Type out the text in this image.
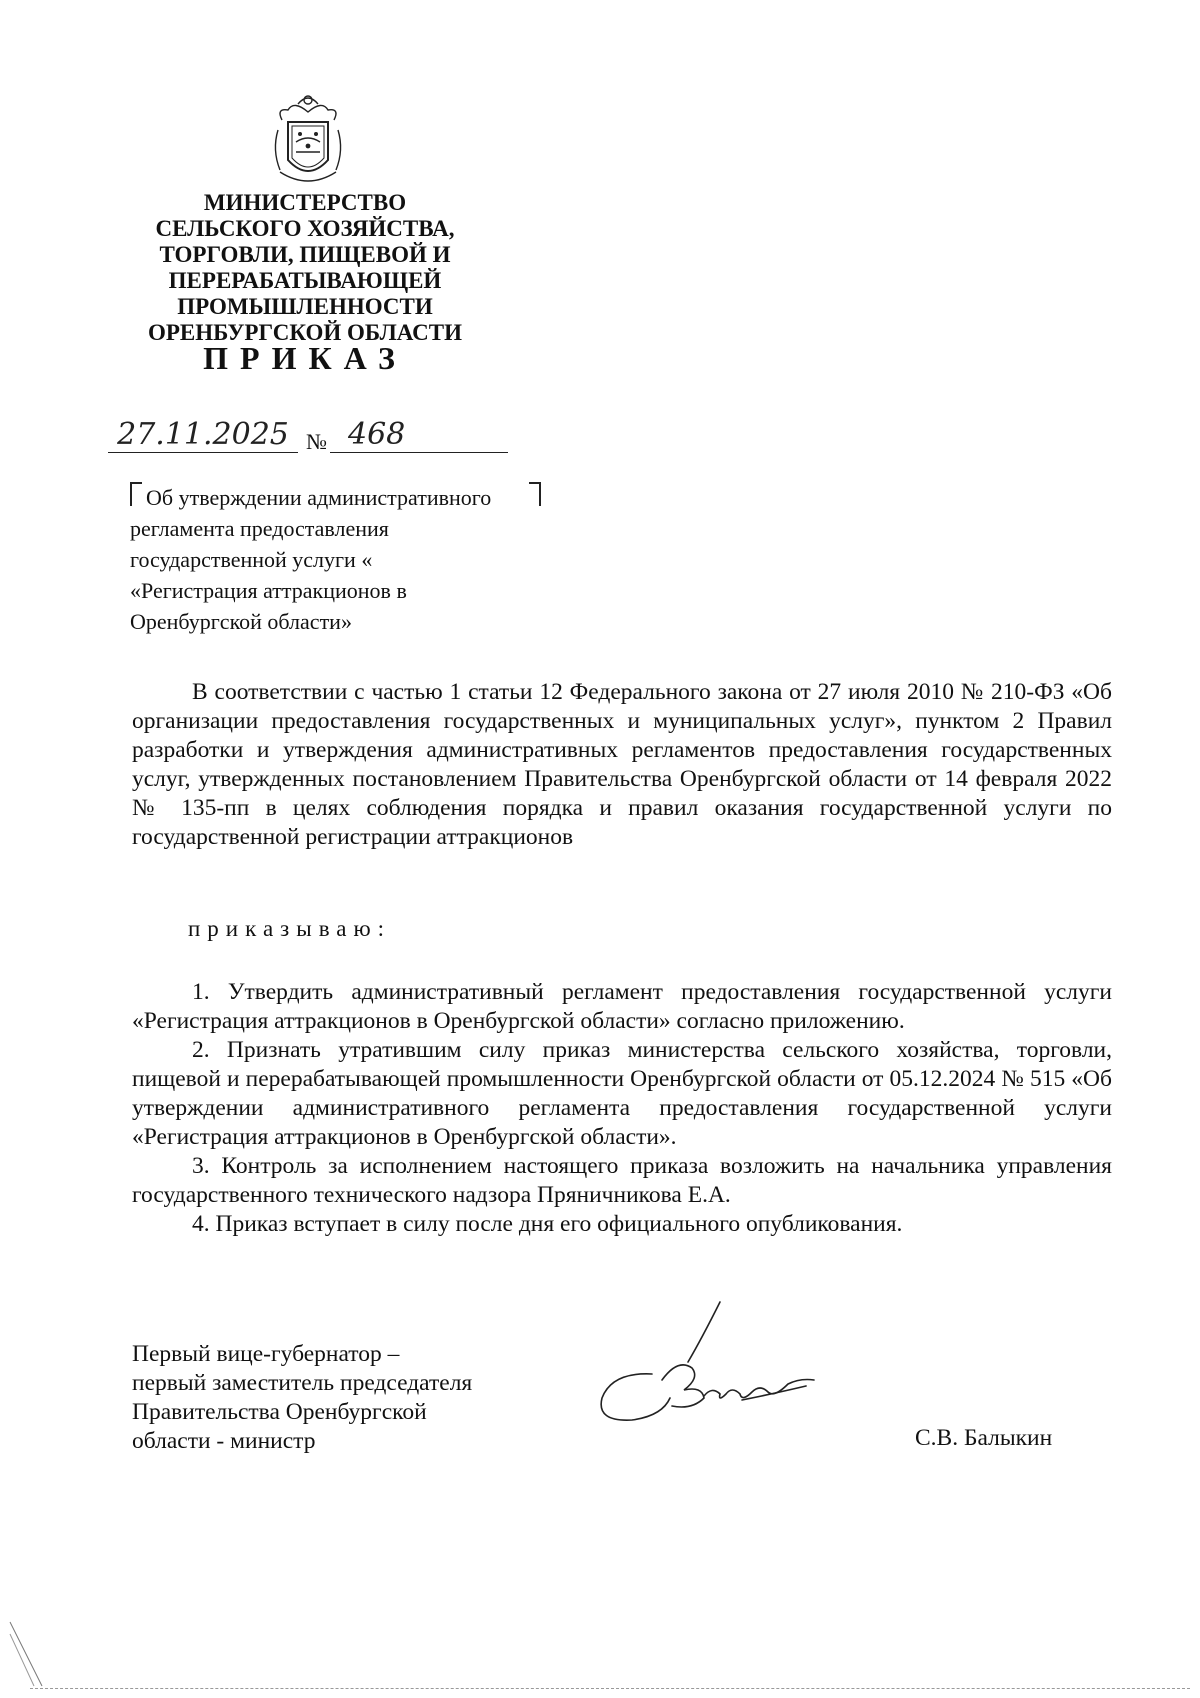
МИНИСТЕРСТВО
СЕЛЬСКОГО ХОЗЯЙСТВА,
ТОРГОВЛИ, ПИЩЕВОЙ И
ПЕРЕРАБАТЫВАЮЩЕЙ
ПРОМЫШЛЕННОСТИ
ОРЕНБУРГСКОЙ ОБЛАСТИ
ПРИКАЗ
27.11.2025 № 468
Об утверждении административного
регламента предоставления
государственной услуги «
«Регистрация аттракционов в
Оренбургской области»
В соответствии с частью 1 статьи 12 Федерального закона от 27 июля 2010 № 210-ФЗ «Об организации предоставления государственных и муниципальных услуг», пунктом 2 Правил разработки и утверждения административных регламентов предоставления государственных услуг, утвержденных постановлением Правительства Оренбургской области от 14 февраля 2022 № 135-пп в целях соблюдения порядка и правил оказания государственной услуги по государственной регистрации аттракционов
приказываю:

1. Утвердить административный регламент предоставления государственной услуги «Регистрация аттракционов в Оренбургской области» согласно приложению.

2. Признать утратившим силу приказ министерства сельского хозяйства, торговли, пищевой и перерабатывающей промышленности Оренбургской области от 05.12.2024 № 515 «Об утверждении административного регламента предоставления государственной услуги «Регистрация аттракционов в Оренбургской области».

3. Контроль за исполнением настоящего приказа возложить на начальника управления государственного технического надзора Пряничникова Е.А.

4. Приказ вступает в силу после дня его официального опубликования.

Первый вице-губернатор –
первый заместитель председателя
Правительства Оренбургской
области - министр	С.В. Балыкин
